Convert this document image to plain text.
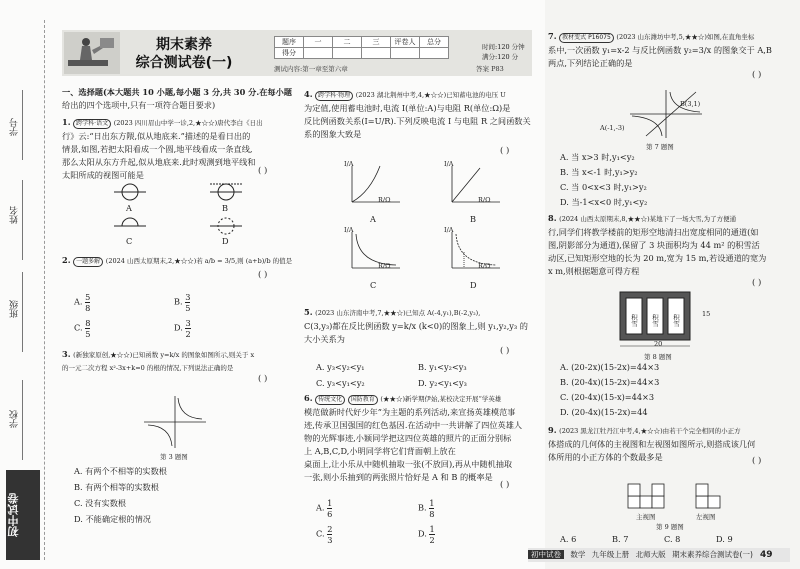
学号
姓名
班级
学校
初中试卷
期末素养
综合测试卷(一)
题序	一	二	三	评卷人	总分
得分					
时间:120 分钟
满分:120 分
测试内容:第一章至第六章	答案 P83
一、选择题(本大题共 10 小题,每小题 3 分,共 30 分.在每小题
给出的四个选项中,只有一项符合题目要求)
1. 跨学科·语文 (2023 四川眉山中学一诊,2,★☆☆)唐代李白《日出
行》云:“日出东方隈,似从地底来.”描述的是看日出的
情景,如图,若把太阳看成一个圆,地平线看成一条直线,
那么太阳从东方升起,似从地底来.此时观测到地平线和
太阳所成的视图可能是	( )
A	B
C	D
2. 一题多解 (2024 山西太原期末,2,★☆☆)若 a/b = 3/5,则 (a+b)/b 的值是
( )
A. $\frac{5}{8}$	B. $\frac{3}{5}$
C. $\frac{8}{5}$	D. $\frac{3}{2}$
3. (新独家原创,★☆☆)已知函数 y=k/x 的图象如图所示,则关于 x
的一元二次方程 x²-3x+k=0 的根的情况,下列说法正确的是
( )
第 3 题图
A. 有两个不相等的实数根
B. 有两个相等的实数根
C. 没有实数根
D. 不能确定根的情况
4. 跨学科·物理 (2023 湖北荆州中考,4,★☆☆)已知蓄电池的电压 U
为定值,使用蓄电池时,电流 I(单位:A)与电阻 R(单位:Ω)是
反比例函数关系(I=U/R).下列反映电流 I 与电阻 R 之间函数关
系的图象大致是
( )
I/A
R/Ω
I/A
R/Ω
I/A
R/Ω
I/A
R/Ω
A	B
C	D
5. (2023 山东济南中考,7,★★☆)已知点 A(-4,y₁),B(-2,y₂),
C(3,y₃)都在反比例函数 y=k/x (k<0)的图象上,则 y₁,y₂,y₃ 的
大小关系为
( )
A. y₃<y₂<y₁	B. y₁<y₂<y₃
C. y₃<y₁<y₂	D. y₂<y₁<y₃
6. 传统文化 国防教育 (★★☆)新学期伊始,某校决定开展“学英雄
模范做新时代好少年”为主题的系列活动,来宣扬英雄模范事
迹,传承卫国强国的红色基因.在活动中一共讲解了四位英雄人
物的光辉事迹,小颖同学把这四位英雄的照片的正面分别标
上 A,B,C,D,小明同学将它们背面朝上放在
桌面上,让小乐从中随机抽取一张(不放回),再从中随机抽取
一张,则小乐抽到的两张照片恰好是 A 和 B 的概率是
( )
A. $\frac{1}{6}$	B. $\frac{1}{8}$
C. $\frac{2}{3}$	D. $\frac{1}{2}$
7. 教材变式 P16075 (2023 山东潍坊中考,5,★★☆)如图,在直角坐标
系中,一次函数 y₁=x-2 与反比例函数 y₂=3/x 的图象交于 A,B
两点,下列结论正确的是
( )
B(3,1)
A(-1,-3)
第 7 题图
A. 当 x>3 时,y₁<y₂
B. 当 x<-1 时,y₁>y₂
C. 当 0<x<3 时,y₁>y₂
D. 当-1<x<0 时,y₁<y₂
8. (2024 山西太原期末,8,★★☆)某地下了一场大雪,为了方便通
行,同学们将教学楼前的矩形空地清扫出宽度相同的通道(如
图,阴影部分为通道),保留了 3 块面积均为 44 m² 的积雪活
动区,已知矩形空地的长为 20 m,宽为 15 m,若设通道的宽为
x m,则根据题意可得方程
( )
积雪 积雪 积雪	15
20
第 8 题图
A. (20-2x)(15-2x)=44×3
B. (20-4x)(15-2x)=44×3
C. (20-4x)(15-x)=44×3
D. (20-4x)(15-2x)=44
9. (2023 黑龙江牡丹江中考,4,★☆☆)由若干个完全相同的小正方
体搭成的几何体的主视图和左视图如图所示,则搭成该几何
体所用的小正方体的个数最多是	( )
主视图	左视图
第 9 题图
A. 6	B. 7	C. 8	D. 9
初中试卷 数学 九年级上册 北师大版 期末素养综合测试卷(一) 49
